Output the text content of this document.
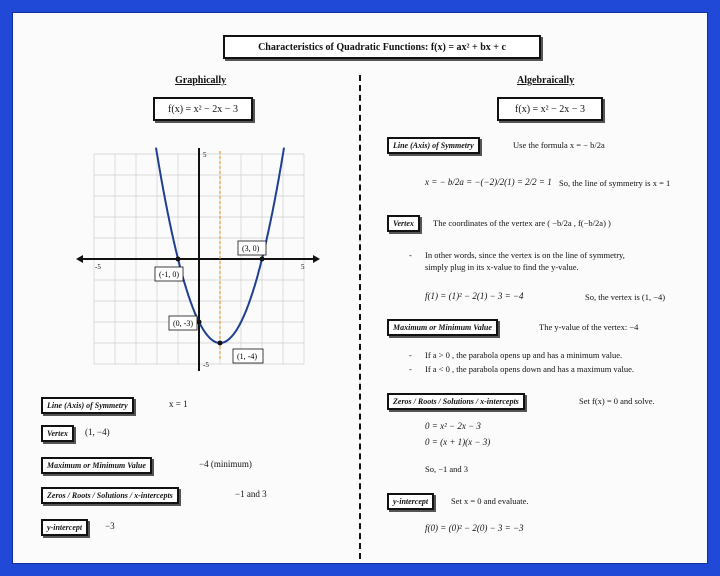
Characteristics of Quadratic Functions: f(x) = ax² + bx + c
Graphically
f(x) = x² − 2x − 3
5
-5	5
-5
(3, 0)
(-1, 0)
(0, -3)
(1, -4)
Line (Axis) of Symmetry	x = 1
Vertex	(1, −4)
Maximum or Minimum Value	−4 (minimum)
Zeros / Roots / Solutions / x-intercepts	−1 and 3
y-intercept	−3
Algebraically
f(x) = x² − 2x − 3
Line (Axis) of Symmetry	Use the formula x = − b/2a
x = − b/2a = −(−2)/2(1) = 2/2 = 1 So, the line of symmetry is x = 1
Vertex	The coordinates of the vertex are ( −b/2a , f(−b/2a) )
- In other words, since the vertex is on the line of symmetry,
simply plug in its x-value to find the y-value.
f(1) = (1)² − 2(1) − 3 = −4	So, the vertex is (1, −4)
Maximum or Minimum Value	The y-value of the vertex: −4
- If a > 0 , the parabola opens up and has a minimum value.
- If a < 0 , the parabola opens down and has a maximum value.
Zeros / Roots / Solutions / x-intercepts	Set f(x) = 0 and solve.
0 = x² − 2x − 3
0 = (x + 1)(x − 3)
So, −1 and 3
y-intercept	Set x = 0 and evaluate.
f(0) = (0)² − 2(0) − 3 = −3
